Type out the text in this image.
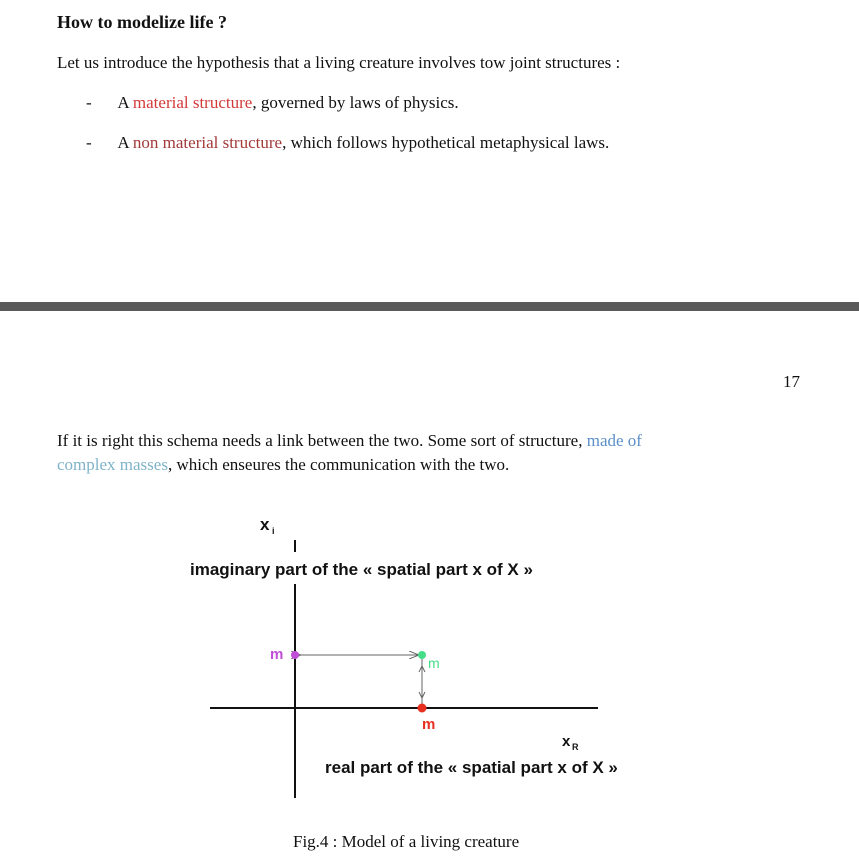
How to modelize life ?
Let us introduce the hypothesis that a living creature involves tow joint structures :
- A material structure, governed by laws of physics.
- A non material structure, which follows hypothetical metaphysical laws.
17
If it is right this schema needs a link between the two. Some sort of structure, made of
complex masses, which enseures the communication with the two.
x i
imaginary part of the « spatial part x of X »
m	m
m
x R
real part of the « spatial part x of X »
Fig.4 : Model of a living creature
